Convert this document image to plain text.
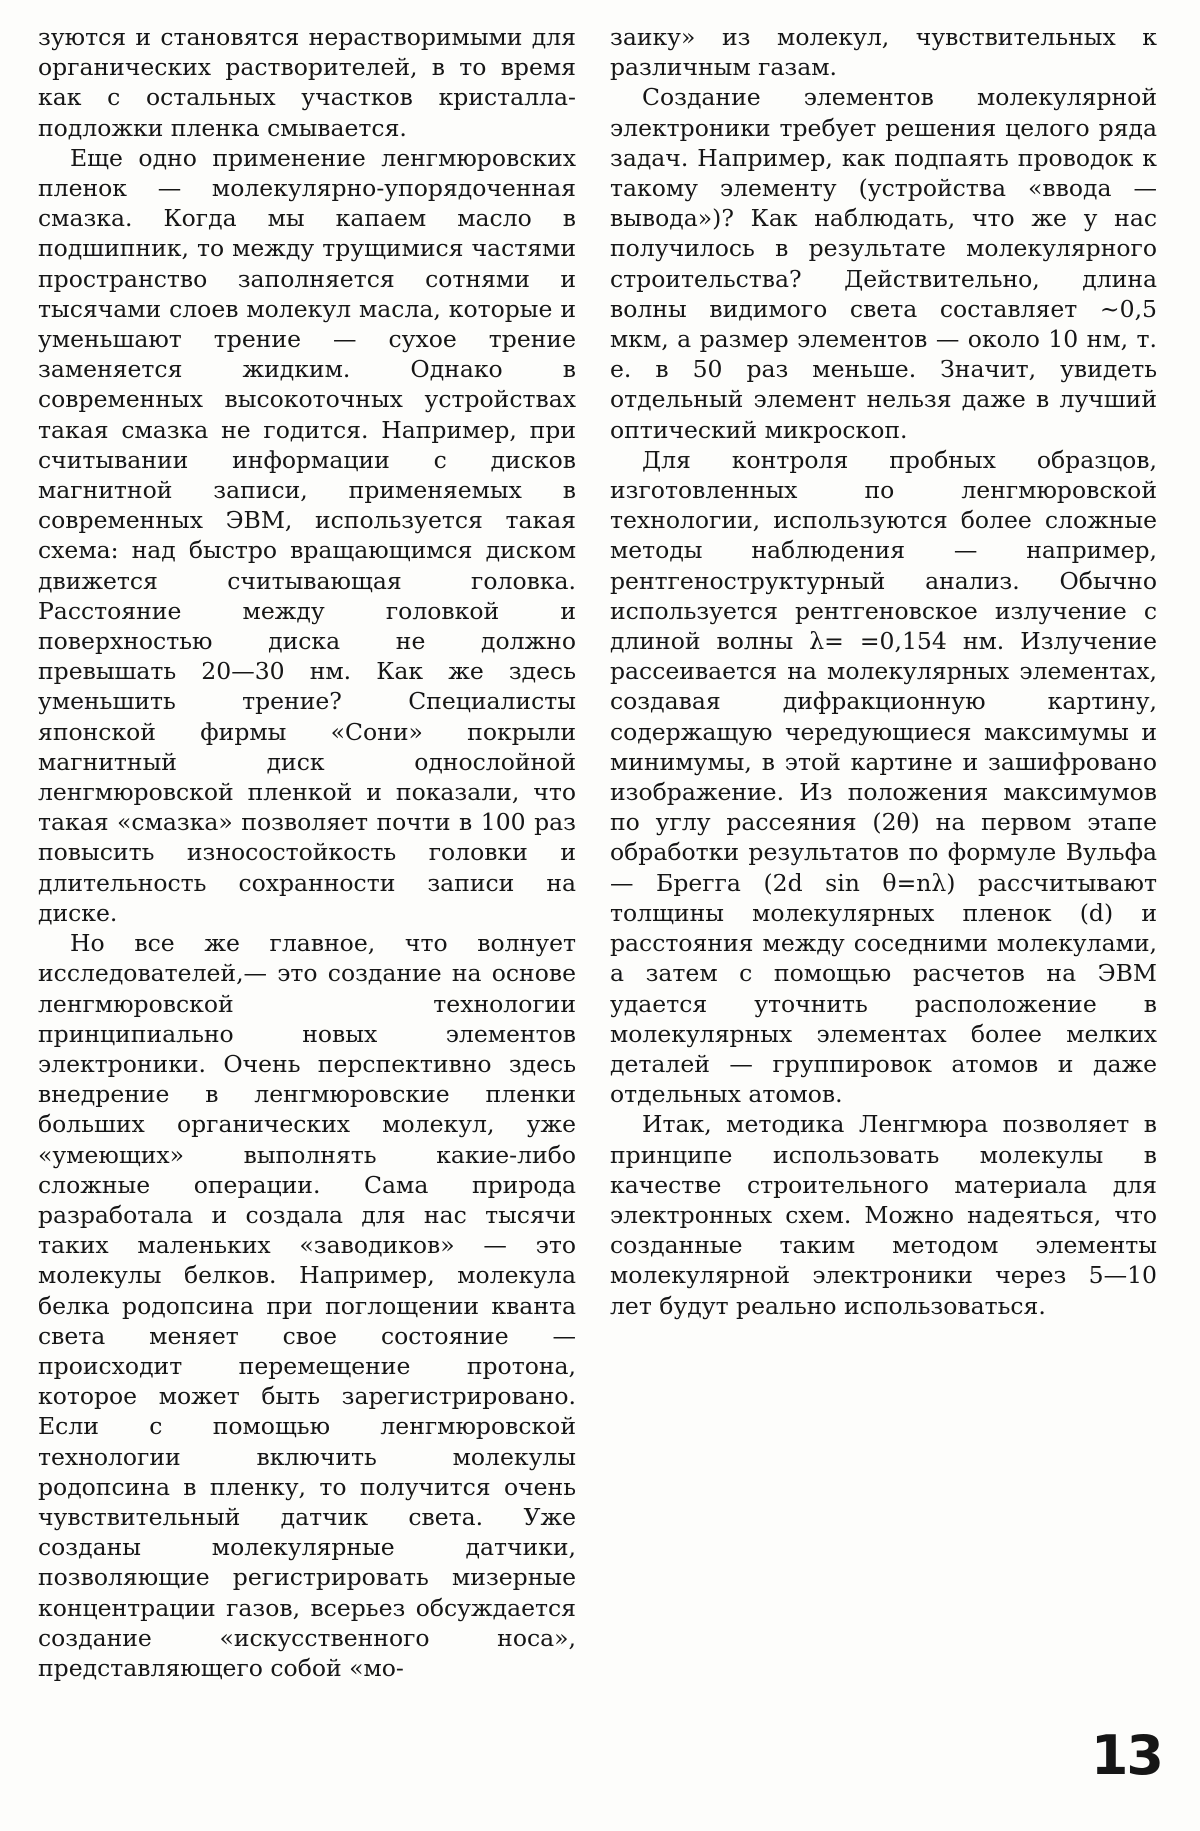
зуются и становятся нерастворимыми для органических растворителей, в то время как с остальных участков кристалла-подложки пленка смывается.

Еще одно применение ленгмюровских пленок — молекулярно-упорядоченная смазка. Когда мы капаем масло в подшипник, то между трущимися частями пространство заполняется сотнями и тысячами слоев молекул масла, которые и уменьшают трение — сухое трение заменяется жидким. Однако в современных высокоточных устройствах такая смазка не годится. Например, при считывании информации с дисков магнитной записи, применяемых в современных ЭВМ, используется такая схема: над быстро вращающимся диском движется считывающая головка. Расстояние между головкой и поверхностью диска не должно превышать 20—30 нм. Как же здесь уменьшить трение? Специалисты японской фирмы «Сони» покрыли магнитный диск однослойной ленгмюровской пленкой и показали, что такая «смазка» позволяет почти в 100 раз повысить износостойкость головки и длительность сохранности записи на диске.

Но все же главное, что волнует исследователей,— это создание на основе ленгмюровской технологии принципиально новых элементов электроники. Очень перспективно здесь внедрение в ленгмюровские пленки больших органических молекул, уже «умеющих» выполнять какие-либо сложные операции. Сама природа разработала и создала для нас тысячи таких маленьких «заводиков» — это молекулы белков. Например, молекула белка родопсина при поглощении кванта света меняет свое состояние — происходит перемещение протона, которое может быть зарегистрировано. Если с помощью ленгмюровской технологии включить молекулы родопсина в пленку, то получится очень чувствительный датчик света. Уже созданы молекулярные датчики, позволяющие регистрировать мизерные концентрации газов, всерьез обсуждается создание «искусственного носа», представляющего собой «мо-

заику» из молекул, чувствительных к различным газам.

Создание элементов молекулярной электроники требует решения целого ряда задач. Например, как подпаять проводок к такому элементу (устройства «ввода — вывода»)? Как наблюдать, что же у нас получилось в результате молекулярного строительства? Действительно, длина волны видимого света составляет ~0,5 мкм, а размер элементов — около 10 нм, т. е. в 50 раз меньше. Значит, увидеть отдельный элемент нельзя даже в лучший оптический микроскоп.

Для контроля пробных образцов, изготовленных по ленгмюровской технологии, используются более сложные методы наблюдения — например, рентгеноструктурный анализ. Обычно используется рентгеновское излучение с длиной волны λ= =0,154 нм. Излучение рассеивается на молекулярных элементах, создавая дифракционную картину, содержащую чередующиеся максимумы и минимумы, в этой картине и зашифровано изображение. Из положения максимумов по углу рассеяния (2θ) на первом этапе обработки результатов по формуле Вульфа — Брегга (2d sin θ=nλ) рассчитывают толщины молекулярных пленок (d) и расстояния между соседними молекулами, а затем с помощью расчетов на ЭВМ удается уточнить расположение в молекулярных элементах более мелких деталей — группировок атомов и даже отдельных атомов.

Итак, методика Ленгмюра позволяет в принципе использовать молекулы в качестве строительного материала для электронных схем. Можно надеяться, что созданные таким методом элементы молекулярной электроники через 5—10 лет будут реально использоваться.

13
